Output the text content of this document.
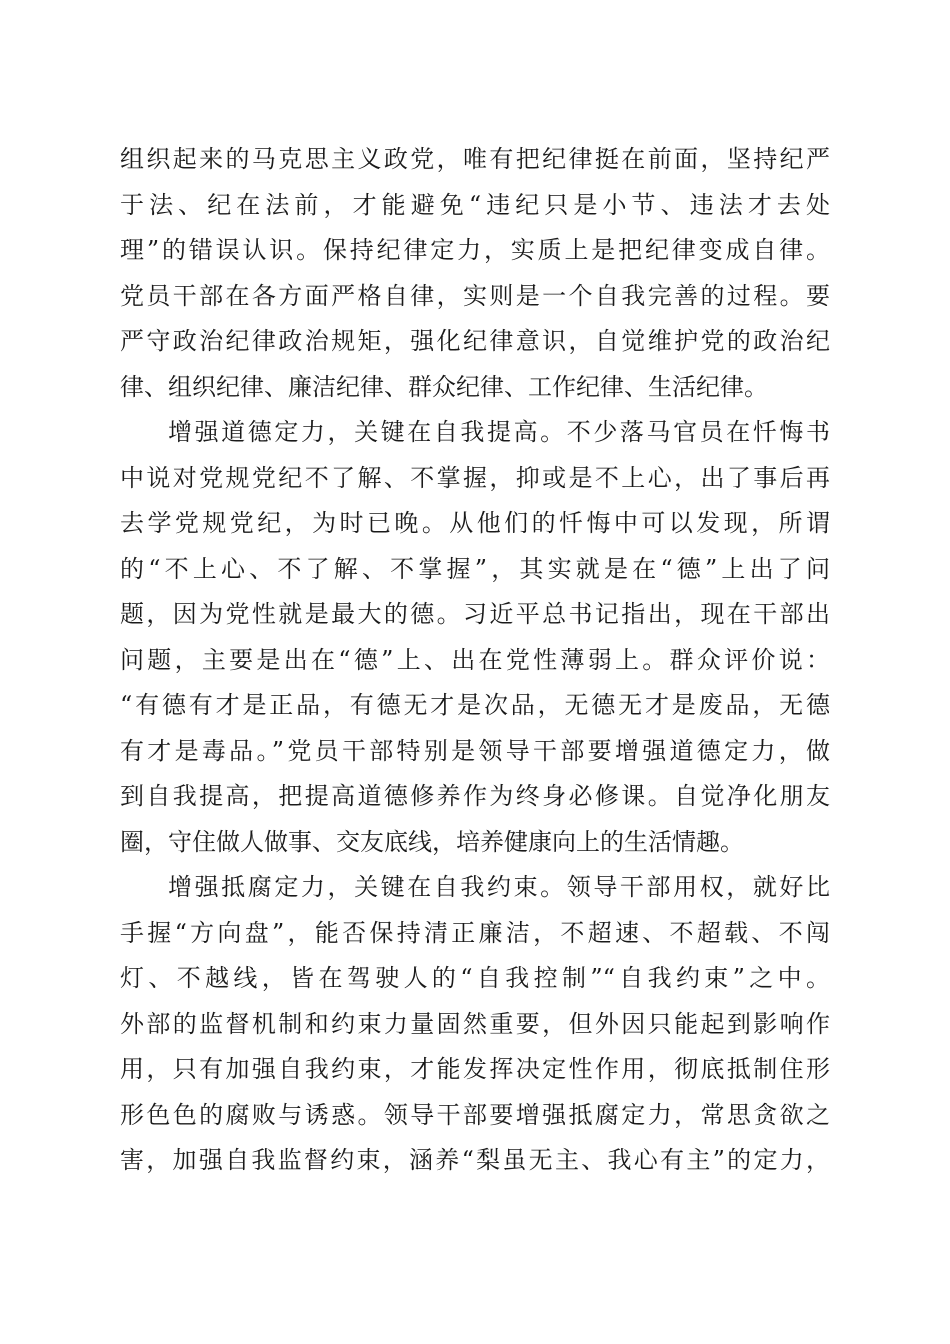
组织起来的马克思主义政党，唯有把纪律挺在前面，坚持纪严
于法、纪在法前，才能避免“违纪只是小节、违法才去处
理”的错误认识。保持纪律定力，实质上是把纪律变成自律。
党员干部在各方面严格自律，实则是一个自我完善的过程。要
严守政治纪律政治规矩，强化纪律意识，自觉维护党的政治纪
律、组织纪律、廉洁纪律、群众纪律、工作纪律、生活纪律。
增强道德定力，关键在自我提高。不少落马官员在忏悔书
中说对党规党纪不了解、不掌握，抑或是不上心，出了事后再
去学党规党纪，为时已晚。从他们的忏悔中可以发现，所谓
的“不上心、不了解、不掌握”，其实就是在“德”上出了问
题，因为党性就是最大的德。习近平总书记指出，现在干部出
问题，主要是出在“德”上、出在党性薄弱上。群众评价说：
“有德有才是正品，有德无才是次品，无德无才是废品，无德
有才是毒品。”党员干部特别是领导干部要增强道德定力，做
到自我提高，把提高道德修养作为终身必修课。自觉净化朋友
圈，守住做人做事、交友底线，培养健康向上的生活情趣。
增强抵腐定力，关键在自我约束。领导干部用权，就好比
手握“方向盘”，能否保持清正廉洁，不超速、不超载、不闯
灯、不越线，皆在驾驶人的“自我控制”“自我约束”之中。
外部的监督机制和约束力量固然重要，但外因只能起到影响作
用，只有加强自我约束，才能发挥决定性作用，彻底抵制住形
形色色的腐败与诱惑。领导干部要增强抵腐定力，常思贪欲之
害，加强自我监督约束，涵养“梨虽无主、我心有主”的定力，
